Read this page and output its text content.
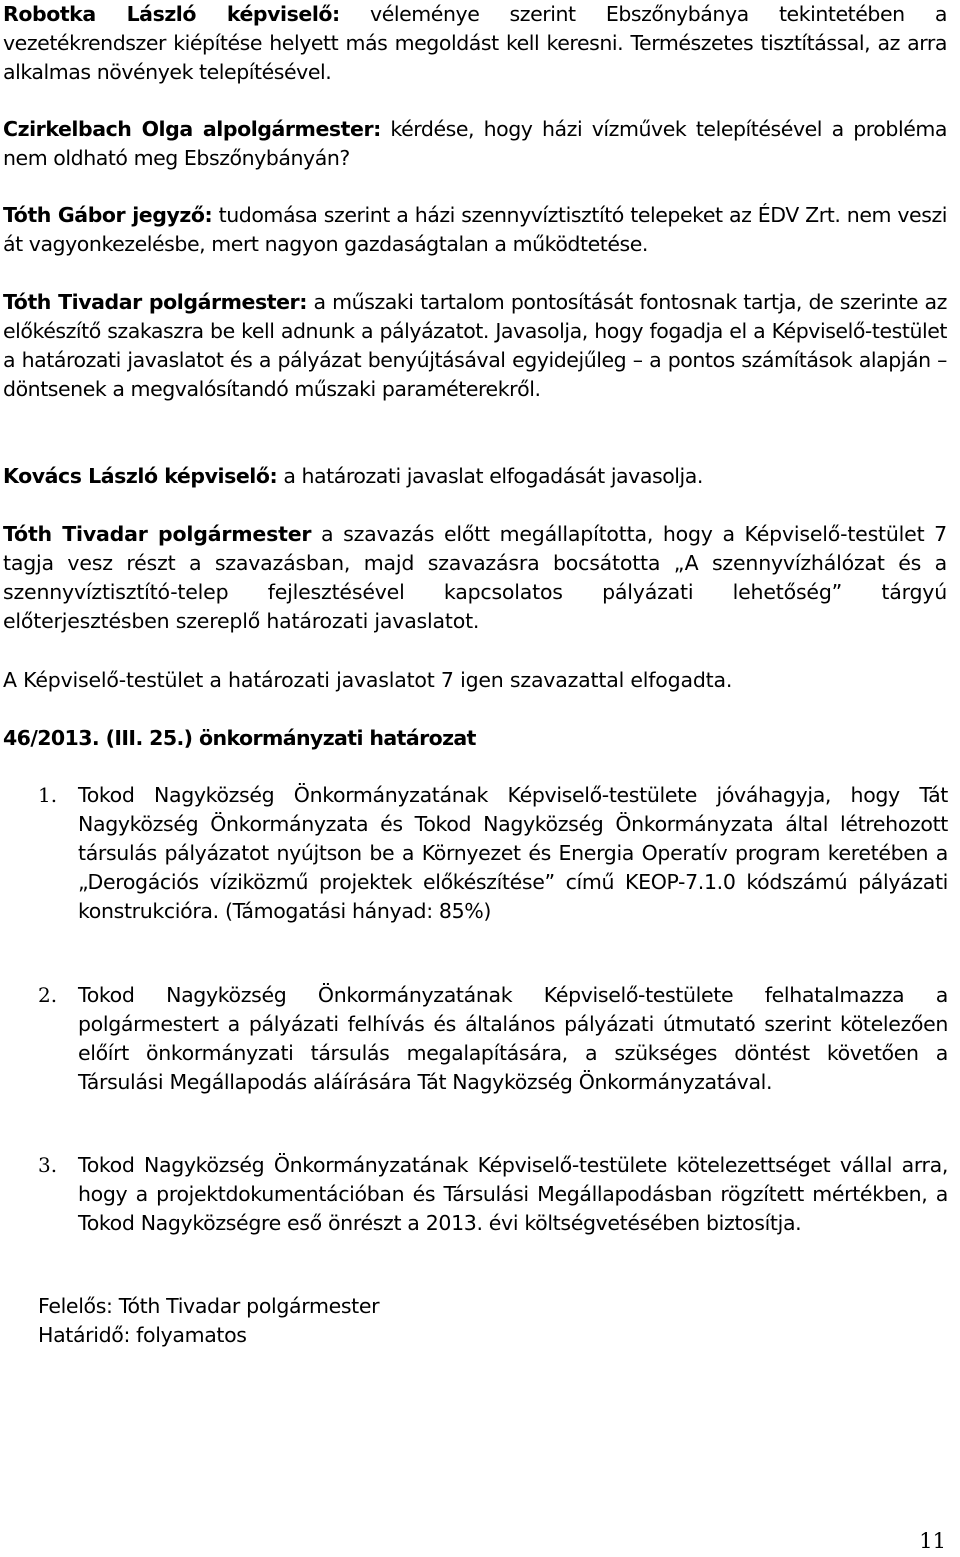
Robotka László képviselő: véleménye szerint Ebszőnybánya tekintetében a vezetékrendszer kiépítése helyett más megoldást kell keresni. Természetes tisztítással, az arra alkalmas növények telepítésével.

Czirkelbach Olga alpolgármester: kérdése, hogy házi vízművek telepítésével a probléma nem oldható meg Ebszőnybányán?

Tóth Gábor jegyző: tudomása szerint a házi szennyvíztisztító telepeket az ÉDV Zrt. nem veszi át vagyonkezelésbe, mert nagyon gazdaságtalan a működtetése.

Tóth Tivadar polgármester: a műszaki tartalom pontosítását fontosnak tartja, de szerinte az előkészítő szakaszra be kell adnunk a pályázatot. Javasolja, hogy fogadja el a Képviselő-testület a határozati javaslatot és a pályázat benyújtásával egyidejűleg – a pontos számítások alapján – döntsenek a megvalósítandó műszaki paraméterekről.

Kovács László képviselő: a határozati javaslat elfogadását javasolja.

Tóth Tivadar polgármester a szavazás előtt megállapította, hogy a Képviselő-testület 7 tagja vesz részt a szavazásban, majd szavazásra bocsátotta „A szennyvízhálózat és a szennyvíztisztító-telep fejlesztésével kapcsolatos pályázati lehetőség” tárgyú előterjesztésben szereplő határozati javaslatot.

A Képviselő-testület a határozati javaslatot 7 igen szavazattal elfogadta.

46/2013. (III. 25.) önkormányzati határozat

1.	Tokod Nagyközség Önkormányzatának Képviselő-testülete jóváhagyja, hogy Tát Nagyközség Önkormányzata és Tokod Nagyközség Önkormányzata által létrehozott társulás pályázatot nyújtson be a Környezet és Energia Operatív program keretében a „Derogációs víziközmű projektek előkészítése” című KEOP-7.1.0 kódszámú pályázati konstrukcióra. (Támogatási hányad: 85%)
2.	Tokod Nagyközség Önkormányzatának Képviselő-testülete felhatalmazza a polgármestert a pályázati felhívás és általános pályázati útmutató szerint kötelezően előírt önkormányzati társulás megalapítására, a szükséges döntést követően a Társulási Megállapodás aláírására Tát Nagyközség Önkormányzatával.
3.	Tokod Nagyközség Önkormányzatának Képviselő-testülete kötelezettséget vállal arra, hogy a projektdokumentációban és Társulási Megállapodásban rögzített mértékben, a Tokod Nagyközségre eső önrészt a 2013. évi költségvetésében biztosítja.

Felelős: Tóth Tivadar polgármester

Határidő: folyamatos

11
